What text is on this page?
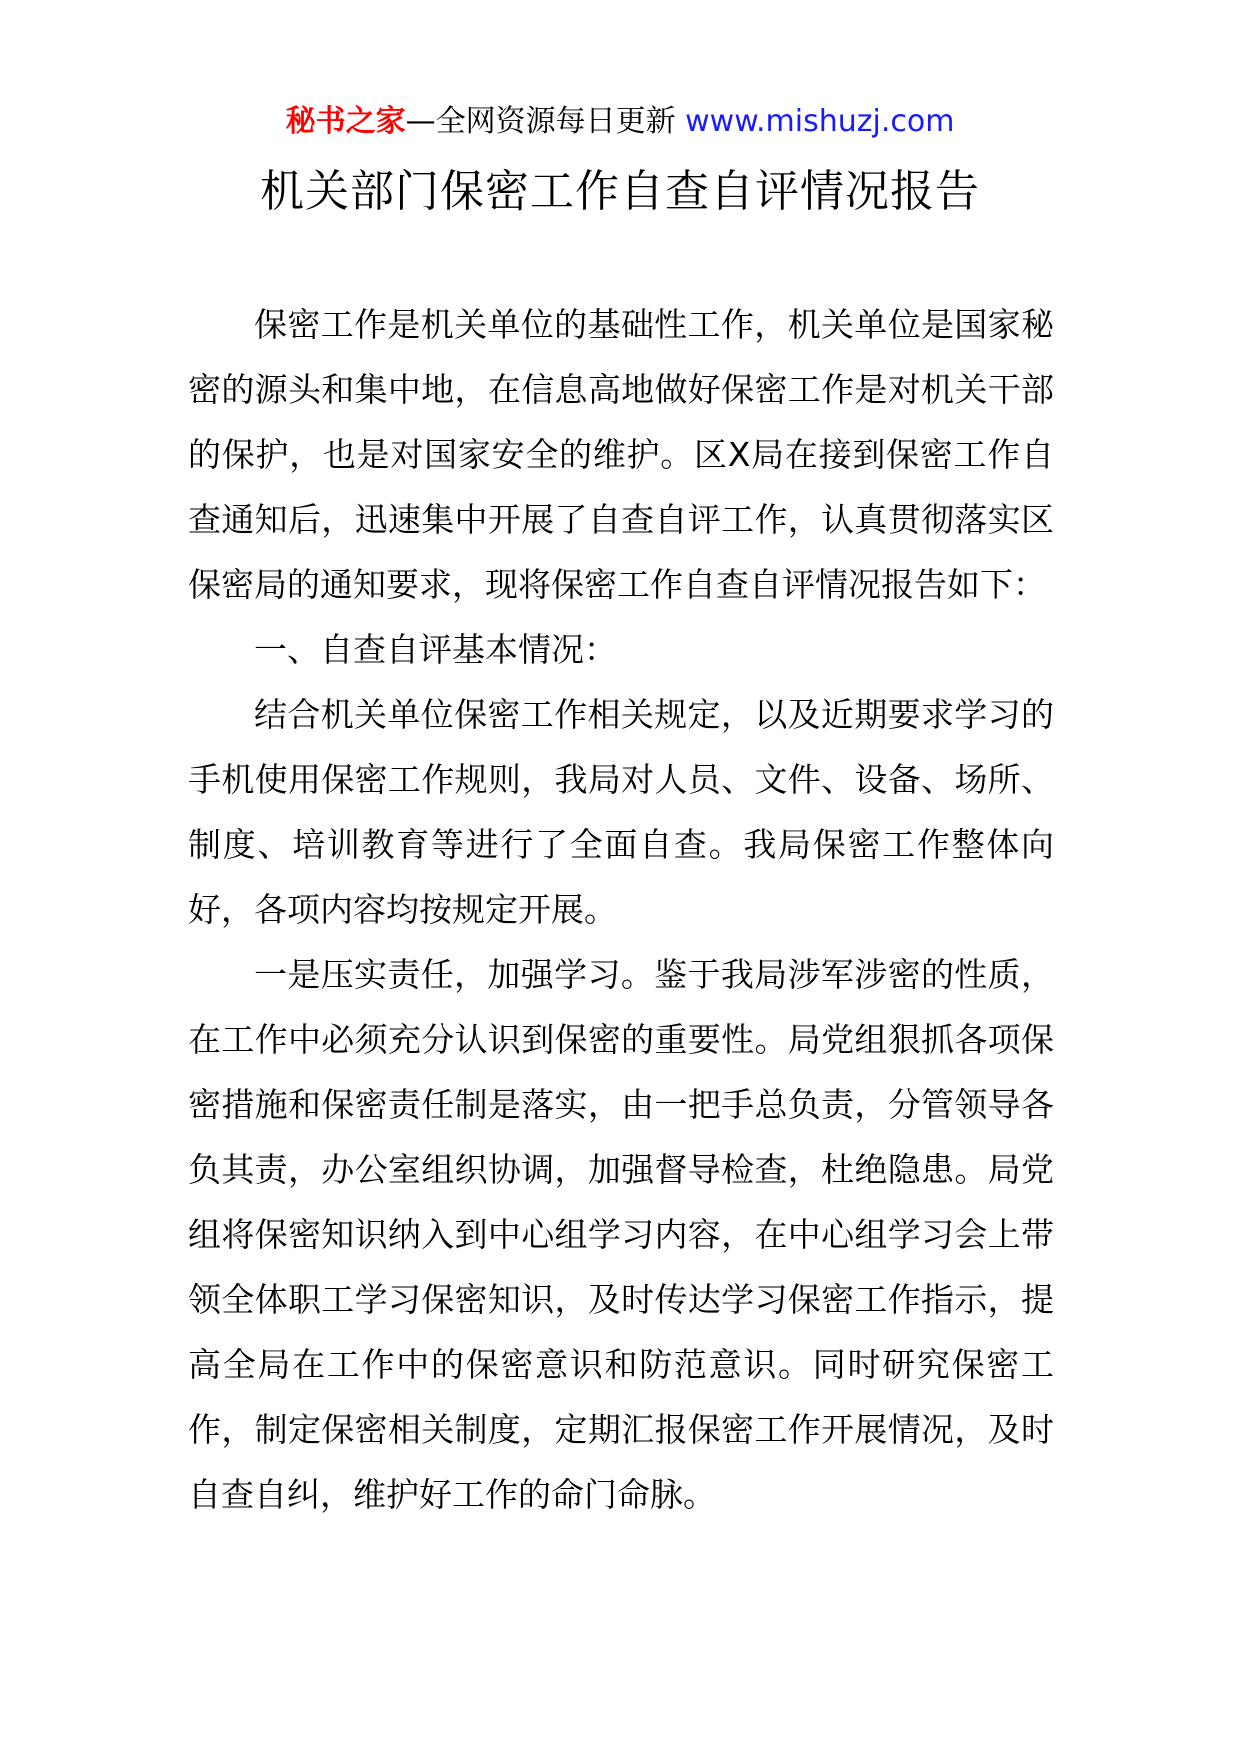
秘书之家—全网资源每日更新 www.mishuzj.com
机关部门保密工作自查自评情况报告

保密工作是机关单位的基础性工作，机关单位是国家秘密的源头和集中地，在信息高地做好保密工作是对机关干部的保护，也是对国家安全的维护。区X局在接到保密工作自查通知后，迅速集中开展了自查自评工作，认真贯彻落实区保密局的通知要求，现将保密工作自查自评情况报告如下：

一、自查自评基本情况：

结合机关单位保密工作相关规定，以及近期要求学习的手机使用保密工作规则，我局对人员、文件、设备、场所、制度、培训教育等进行了全面自查。我局保密工作整体向好，各项内容均按规定开展。

一是压实责任，加强学习。鉴于我局涉军涉密的性质，在工作中必须充分认识到保密的重要性。局党组狠抓各项保密措施和保密责任制是落实，由一把手总负责，分管领导各负其责，办公室组织协调，加强督导检查，杜绝隐患。局党组将保密知识纳入到中心组学习内容，在中心组学习会上带领全体职工学习保密知识，及时传达学习保密工作指示，提高全局在工作中的保密意识和防范意识。同时研究保密工作，制定保密相关制度，定期汇报保密工作开展情况，及时自查自纠，维护好工作的命门命脉。
